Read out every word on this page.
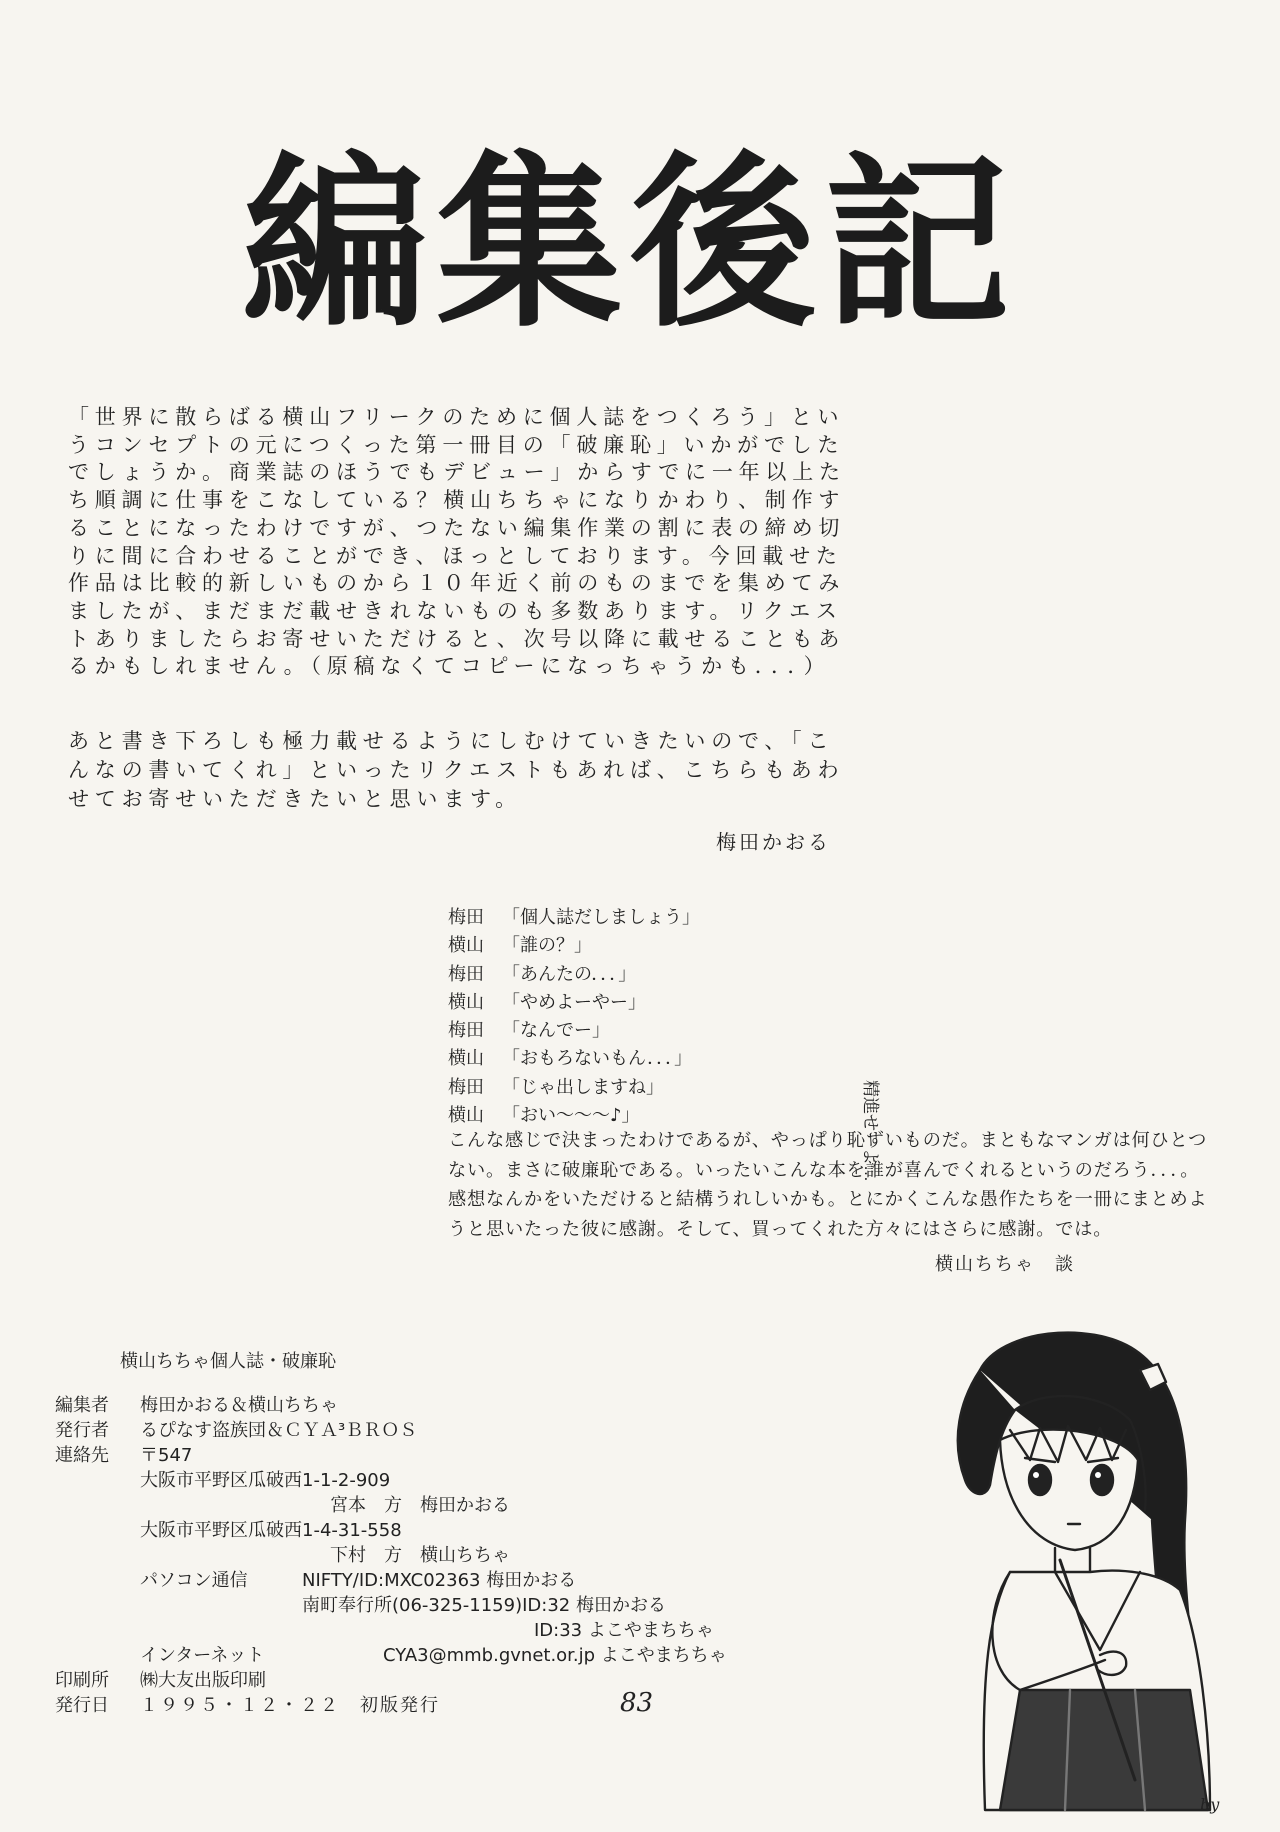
編集後記
「世界に散らばる横山フリークのために個人誌をつくろう」というコンセプトの元につくった第一冊目の「破廉恥」いかがでしたでしょうか。商業誌のほうでもデビュー」からすでに一年以上たち順調に仕事をこなしている？横山ちちゃになりかわり、制作することになったわけですが、つたない編集作業の割に表の締め切りに間に合わせることができ、ほっとしております。今回載せた作品は比較的新しいものから１０年近く前のものまでを集めてみましたが、まだまだ載せきれないものも多数あります。リクエストありましたらお寄せいただけると、次号以降に載せることもあるかもしれません。（原稿なくてコピーになっちゃうかも．．．）
あと書き下ろしも極力載せるようにしむけていきたいので、「こんなの書いてくれ」といったリクエストもあれば、こちらもあわせてお寄せいただきたいと思います。
梅田かおる
梅田	「個人誌だしましょう」
横山	「誰の？」
梅田	「あんたの．．．」
横山	「やめよーやー」
梅田	「なんでー」
横山	「おもろないもん．．．」
梅田	「じゃ出しますね」
横山	「おい〜〜〜♪」
こんな感じで決まったわけであるが、やっぱり恥ずいものだ。まともなマンガは何ひとつない。まさに破廉恥である。いったいこんな本を誰が喜んでくれるというのだろう．．．。感想なんかをいただけると結構うれしいかも。とにかくこんな愚作たちを一冊にまとめようと思いたった彼に感謝。そして、買ってくれた方々にはさらに感謝。では。
横山ちちゃ　談
横山ちちゃ個人誌・破廉恥
編集者 梅田かおる＆横山ちちゃ
発行者 るぴなす盗族団＆ＣＹＡ³ＢＲＯＳ
連絡先 〒547
大阪市平野区瓜破西1-1-2-909
宮本　方　梅田かおる
大阪市平野区瓜破西1-4-31-558
下村　方　横山ちちゃ
パソコン通信	NIFTY/ID:MXC02363 梅田かおる
南町奉行所(06-325-1159)ID:32 梅田かおる
ID:33 よこやまちちゃ
インターネット	CYA3@mmb.gvnet.or.jp よこやまちちゃ
印刷所 ㈱大友出版印刷
発行日 １９９５・１２・２２　初版発行	83
精進せーよ…
by
